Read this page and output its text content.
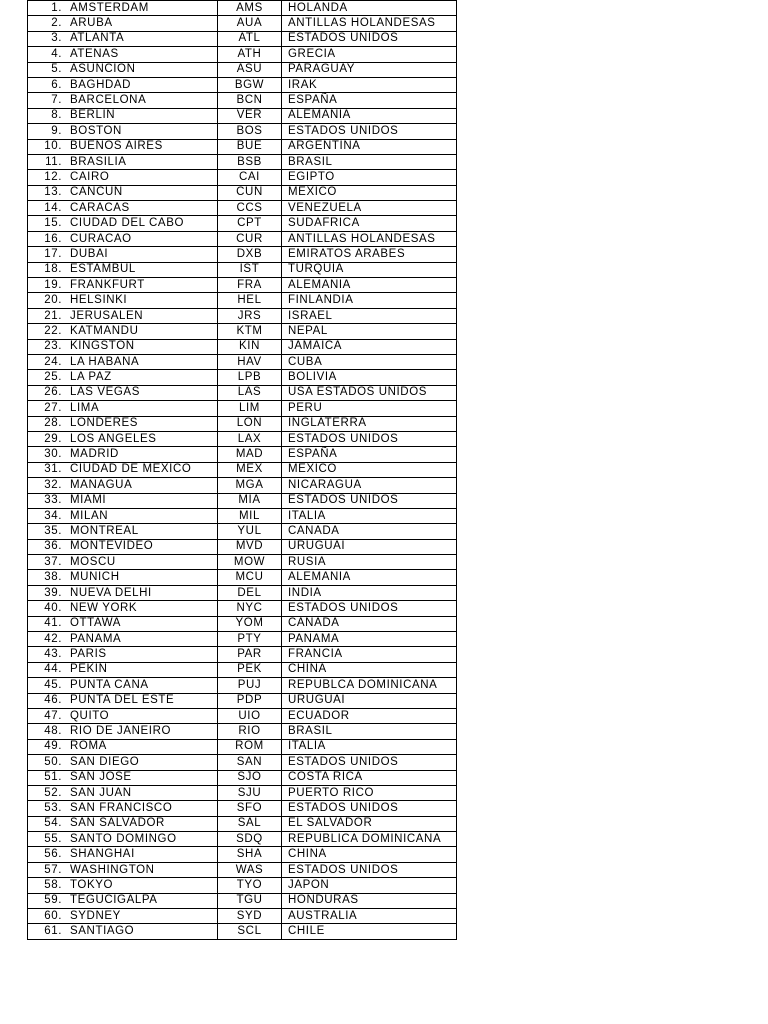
1. AMSTERDAM	AMS	HOLANDA
2. ARUBA	AUA	ANTILLAS HOLANDESAS
3. ATLANTA	ATL	ESTADOS UNIDOS
4. ATENAS	ATH	GRECIA
5. ASUNCION	ASU	PARAGUAY
6. BAGHDAD	BGW	IRAK
7. BARCELONA	BCN	ESPAÑA
8. BERLIN	VER	ALEMANIA
9. BOSTON	BOS	ESTADOS UNIDOS
10. BUENOS AIRES	BUE	ARGENTINA
11. BRASILIA	BSB	BRASIL
12. CAIRO	CAI	EGIPTO
13. CANCUN	CUN	MEXICO
14. CARACAS	CCS	VENEZUELA
15. CIUDAD DEL CABO	CPT	SUDAFRICA
16. CURACAO	CUR	ANTILLAS HOLANDESAS
17. DUBAI	DXB	EMIRATOS ARABES
18. ESTAMBUL	IST	TURQUIA
19. FRANKFURT	FRA	ALEMANIA
20. HELSINKI	HEL	FINLANDIA
21. JERUSALEN	JRS	ISRAEL
22. KATMANDU	KTM	NEPAL
23. KINGSTON	KIN	JAMAICA
24. LA HABANA	HAV	CUBA
25. LA PAZ	LPB	BOLIVIA
26. LAS VEGAS	LAS	USA ESTADOS UNIDOS
27. LIMA	LIM	PERU
28. LONDERES	LON	INGLATERRA
29. LOS ANGELES	LAX	ESTADOS UNIDOS
30. MADRID	MAD	ESPAÑA
31. CIUDAD DE MEXICO	MEX	MEXICO
32. MANAGUA	MGA	NICARAGUA
33. MIAMI	MIA	ESTADOS UNIDOS
34. MILAN	MIL	ITALIA
35. MONTREAL	YUL	CANADA
36. MONTEVIDEO	MVD	URUGUAI
37. MOSCU	MOW	RUSIA
38. MUNICH	MCU	ALEMANIA
39. NUEVA DELHI	DEL	INDIA
40. NEW YORK	NYC	ESTADOS UNIDOS
41. OTTAWA	YOM	CANADA
42. PANAMA	PTY	PANAMA
43. PARIS	PAR	FRANCIA
44. PEKIN	PEK	CHINA
45. PUNTA CANA	PUJ	REPUBLCA DOMINICANA
46. PUNTA DEL ESTE	PDP	URUGUAI
47. QUITO	UIO	ECUADOR
48. RIO DE JANEIRO	RIO	BRASIL
49. ROMA	ROM	ITALIA
50. SAN DIEGO	SAN	ESTADOS UNIDOS
51. SAN JOSE	SJO	COSTA RICA
52. SAN JUAN	SJU	PUERTO RICO
53. SAN FRANCISCO	SFO	ESTADOS UNIDOS
54. SAN SALVADOR	SAL	EL SALVADOR
55. SANTO DOMINGO	SDQ	REPUBLICA DOMINICANA
56. SHANGHAI	SHA	CHINA
57. WASHINGTON	WAS	ESTADOS UNIDOS
58. TOKYO	TYO	JAPON
59. TEGUCIGALPA	TGU	HONDURAS
60. SYDNEY	SYD	AUSTRALIA
61. SANTIAGO	SCL	CHILE
